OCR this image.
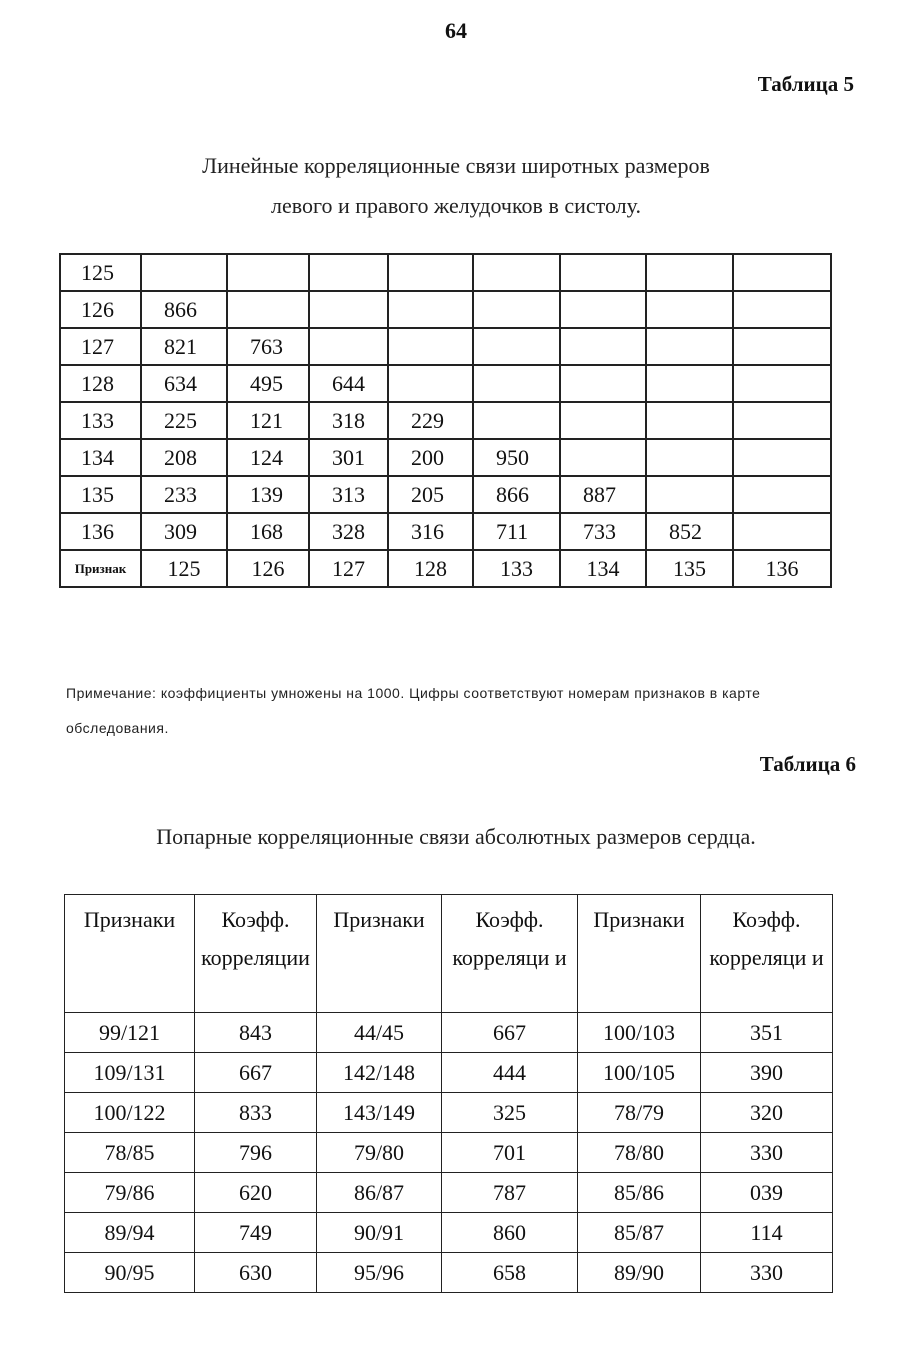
64
Таблица 5
Линейные корреляционные связи широтных размеров
левого и правого желудочков в систолу.
125								
126	866							
127	821	763						
128	634	495	644					
133	225	121	318	229				
134	208	124	301	200	950			
135	233	139	313	205	866	887		
136	309	168	328	316	711	733	852	
Признак	125	126	127	128	133	134	135	136
Примечание: коэффициенты умножены на 1000. Цифры соответствуют номерам признаков в карте обследования.
Таблица 6
Попарные корреляционные связи абсолютных размеров сердца.
Признаки	Коэфф. корреляции	Признаки	Коэфф. корреляци и	Признаки	Коэфф. корреляци и
99/121	843	44/45	667	100/103	351
109/131	667	142/148	444	100/105	390
100/122	833	143/149	325	78/79	320
78/85	796	79/80	701	78/80	330
79/86	620	86/87	787	85/86	039
89/94	749	90/91	860	85/87	114
90/95	630	95/96	658	89/90	330
